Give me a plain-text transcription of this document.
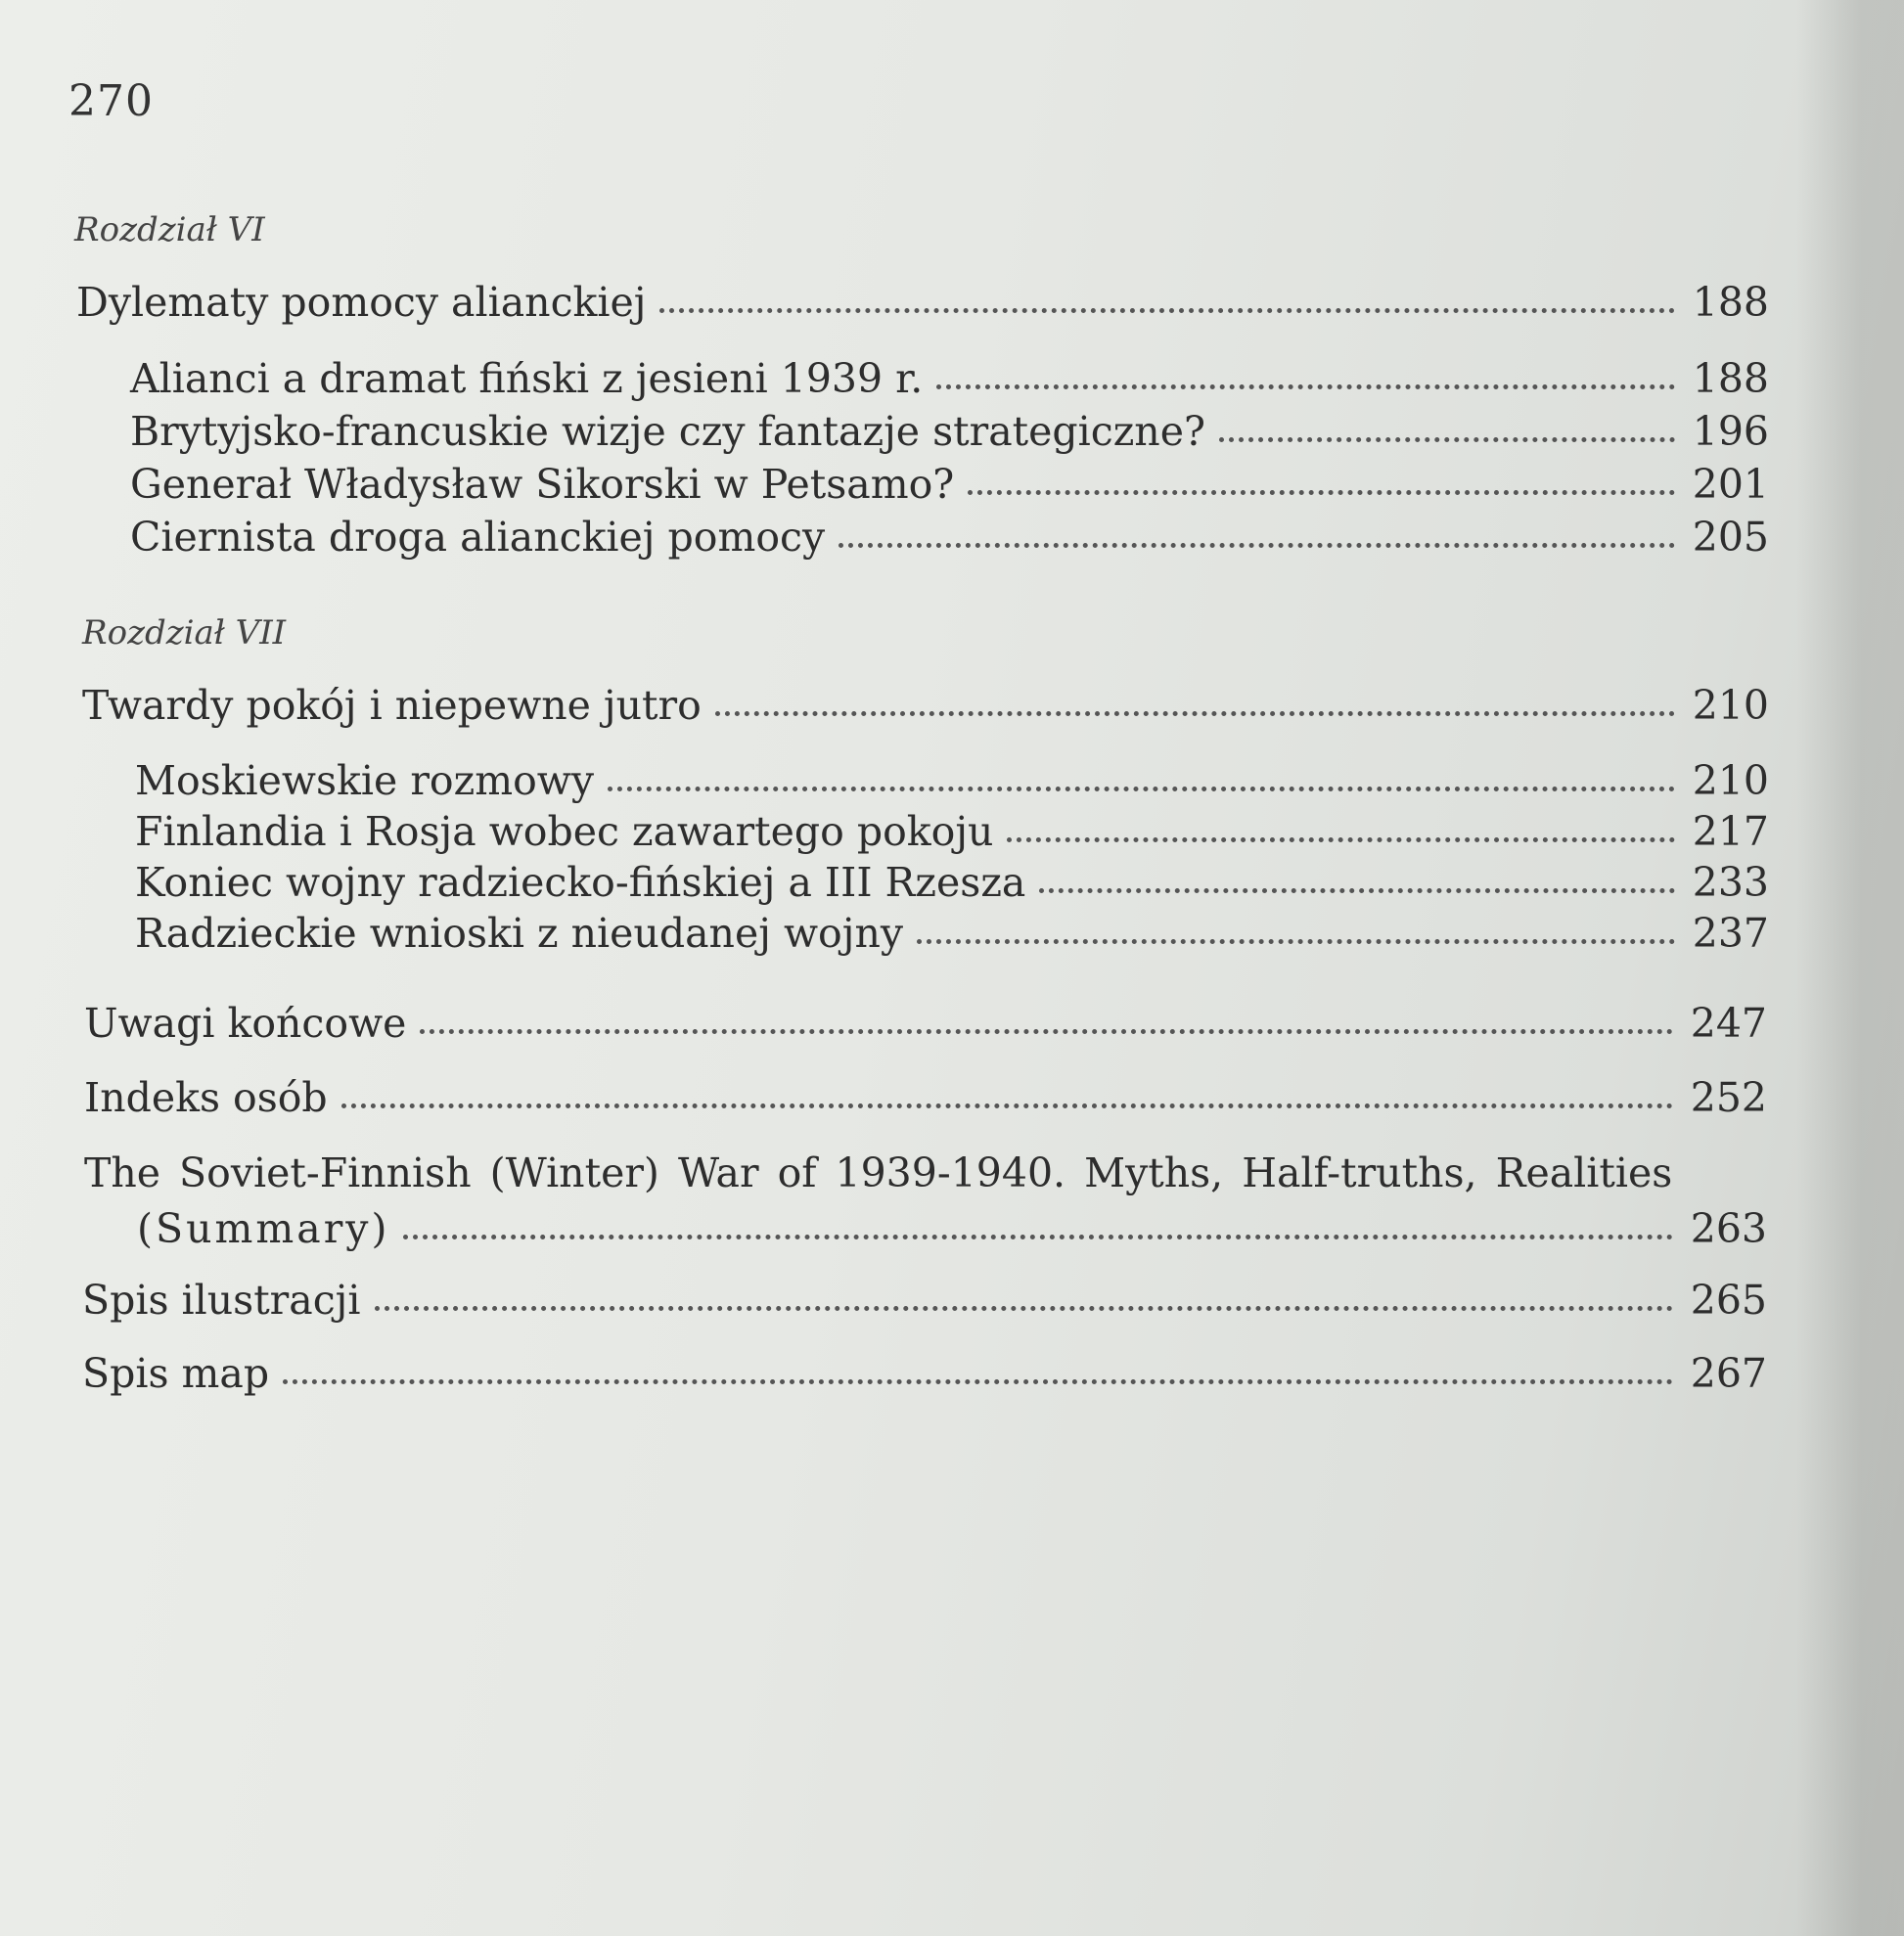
270
Rozdział VI
Dylematy pomocy alianckiej	188
Alianci a dramat fiński z jesieni 1939 r.	188
Brytyjsko-francuskie wizje czy fantazje strategiczne?	196
Generał Władysław Sikorski w Petsamo?	201
Ciernista droga alianckiej pomocy	205
Rozdział VII
Twardy pokój i niepewne jutro	210
Moskiewskie rozmowy	210
Finlandia i Rosja wobec zawartego pokoju	217
Koniec wojny radziecko-fińskiej a III Rzesza	233
Radzieckie wnioski z nieudanej wojny	237
Uwagi końcowe	247
Indeks osób	252
The Soviet-Finnish (Winter) War of 1939-1940. Myths, Half-truths, Realities
(Summary)	263
Spis ilustracji	265
Spis map	267
